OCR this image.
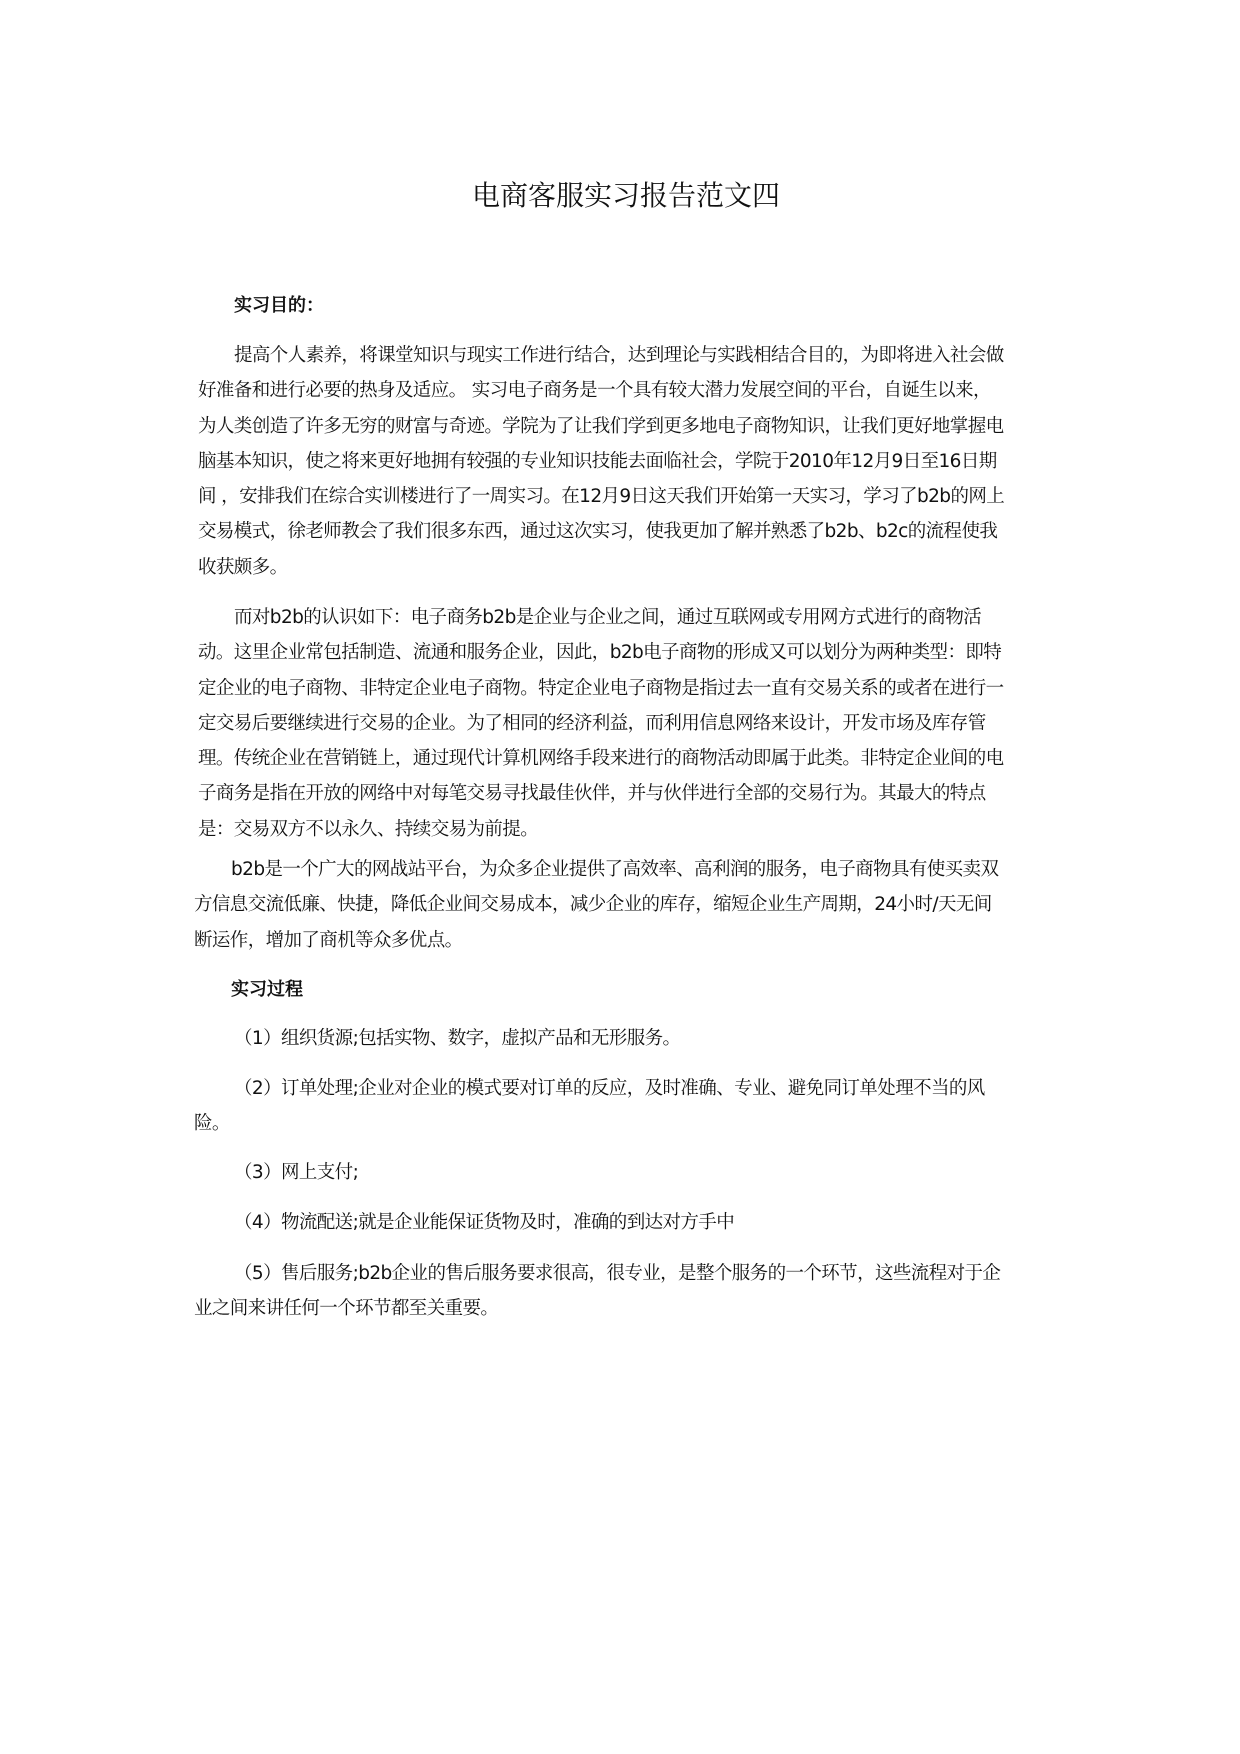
电商客服实习报告范文四
实习目的：
提高个人素养，将课堂知识与现实工作进行结合，达到理论与实践相结合目的，为即将进入社会做
好准备和进行必要的热身及适应。 实习电子商务是一个具有较大潜力发展空间的平台，自诞生以来，
为人类创造了许多无穷的财富与奇迹。学院为了让我们学到更多地电子商物知识，让我们更好地掌握电
脑基本知识，使之将来更好地拥有较强的专业知识技能去面临社会，学院于2010年12月9日至16日期
间 ，安排我们在综合实训楼进行了一周实习。在12月9日这天我们开始第一天实习，学习了b2b的网上
交易模式，徐老师教会了我们很多东西，通过这次实习，使我更加了解并熟悉了b2b、b2c的流程使我
收获颇多。
而对b2b的认识如下：电子商务b2b是企业与企业之间，通过互联网或专用网方式进行的商物活
动。这里企业常包括制造、流通和服务企业，因此，b2b电子商物的形成又可以划分为两种类型：即特
定企业的电子商物、非特定企业电子商物。特定企业电子商物是指过去一直有交易关系的或者在进行一
定交易后要继续进行交易的企业。为了相同的经济利益，而利用信息网络来设计，开发市场及库存管
理。传统企业在营销链上，通过现代计算机网络手段来进行的商物活动即属于此类。非特定企业间的电
子商务是指在开放的网络中对每笔交易寻找最佳伙伴，并与伙伴进行全部的交易行为。其最大的特点
是：交易双方不以永久、持续交易为前提。
b2b是一个广大的网战站平台，为众多企业提供了高效率、高利润的服务，电子商物具有使买卖双
方信息交流低廉、快捷，降低企业间交易成本，减少企业的库存，缩短企业生产周期，24小时/天无间
断运作，增加了商机等众多优点。
实习过程
（1）组织货源;包括实物、数字，虚拟产品和无形服务。
（2）订单处理;企业对企业的模式要对订单的反应，及时准确、专业、避免同订单处理不当的风
险。
（3）网上支付;
（4）物流配送;就是企业能保证货物及时，准确的到达对方手中
（5）售后服务;b2b企业的售后服务要求很高，很专业，是整个服务的一个环节，这些流程对于企
业之间来讲任何一个环节都至关重要。
